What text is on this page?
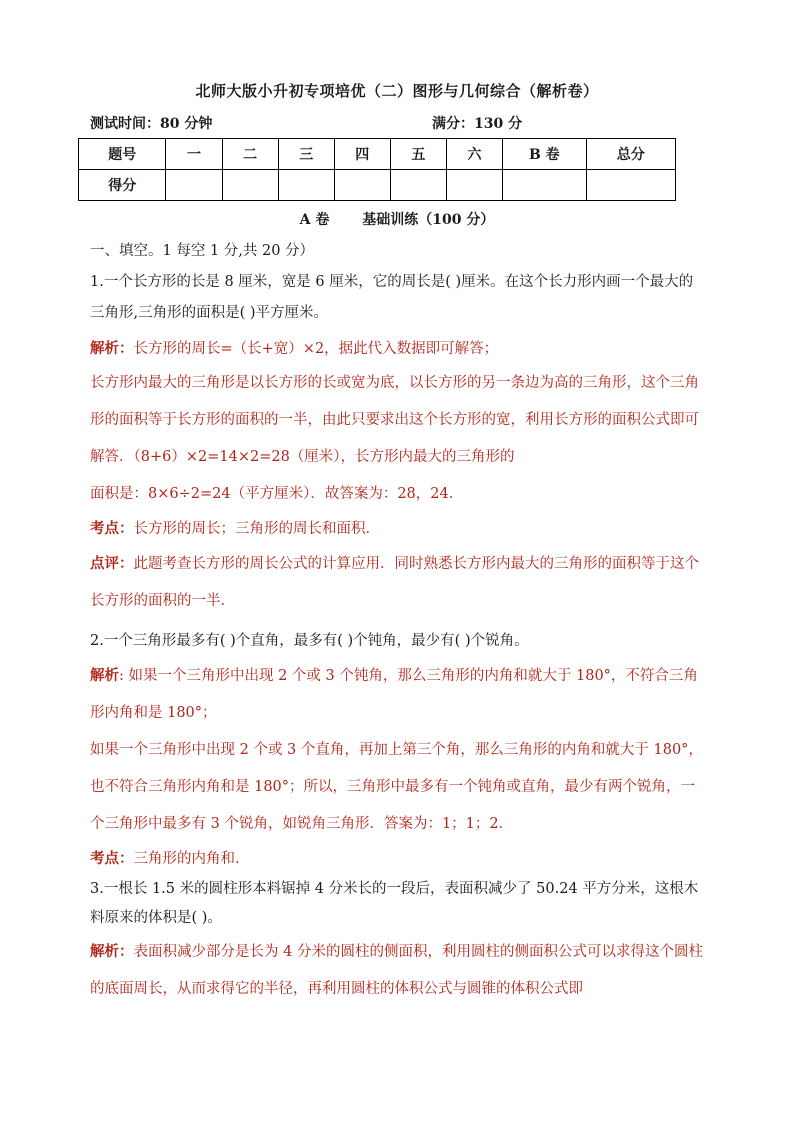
北师大版小升初专项培优（二）图形与几何综合（解析卷）
测试时间：80 分钟	满分：130 分
题号	一	二	三	四	五	六	B 卷	总分
得分								
A 卷 基础训练（100 分）

一、填空。1 每空 1 分,共 20 分）

1.一个长方形的长是 8 厘米，宽是 6 厘米，它的周长是( )厘米。在这个长力形内画一个最大的三角形,三角形的面积是( )平方厘米。

解析：长方形的周长=（长+宽）×2，据此代入数据即可解答；

长方形内最大的三角形是以长方形的长或宽为底，以长方形的另一条边为高的三角形，这个三角形的面积等于长方形的面积的一半，由此只要求出这个长方形的宽，利用长方形的面积公式即可解答．（8+6）×2=14×2=28（厘米），长方形内最大的三角形的

面积是：8×6÷2=24（平方厘米）．故答案为：28，24．

考点：长方形的周长；三角形的周长和面积．

点评：此题考查长方形的周长公式的计算应用．同时熟悉长方形内最大的三角形的面积等于这个长方形的面积的一半．

2.一个三角形最多有( )个直角，最多有( )个钝角，最少有( )个锐角。

解析: 如果一个三角形中出现 2 个或 3 个钝角，那么三角形的内角和就大于 180°，不符合三角形内角和是 180°；

如果一个三角形中出现 2 个或 3 个直角，再加上第三个角，那么三角形的内角和就大于 180°，也不符合三角形内角和是 180°；所以，三角形中最多有一个钝角或直角，最少有两个锐角，一个三角形中最多有 3 个锐角，如锐角三角形．答案为：1；1；2．

考点：三角形的内角和．

3.一根长 1.5 米的圆柱形本料锯掉 4 分米长的一段后，表面积减少了 50.24 平方分米，这根木料原来的体积是( )。

解析：表面积减少部分是长为 4 分米的圆柱的侧面积，利用圆柱的侧面积公式可以求得这个圆柱的底面周长，从而求得它的半径，再利用圆柱的体积公式与圆锥的体积公式即
